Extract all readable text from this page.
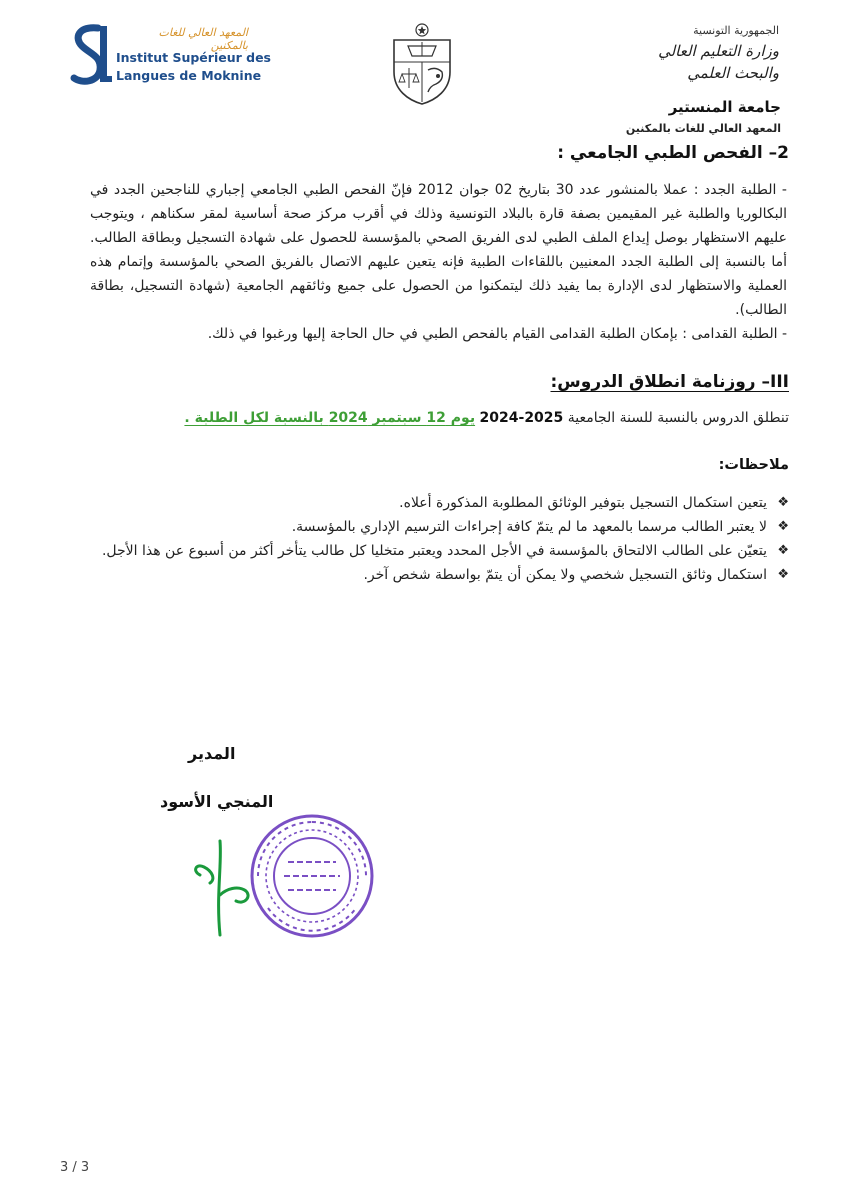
المعهد العالي للغات بالمكنين
Institut Supérieur des
Langues de Moknine
الجمهورية التونسية
وزارة التعليم العالي
والبحث العلمي
جامعة المنستير
المعهد العالي للغات بالمكنين
2– الفحص الطبي الجامعي :

- الطلبة الجدد : عملا بالمنشور عدد 30 بتاريخ 02 جوان 2012 فإنّ الفحص الطبي الجامعي إجباري للناجحين الجدد في البكالوريا والطلبة غير المقيمين بصفة قارة بالبلاد التونسية وذلك في أقرب مركز صحة أساسية لمقر سكناهم ، ويتوجب عليهم الاستظهار بوصل إيداع الملف الطبي لدى الفريق الصحي بالمؤسسة للحصول على شهادة التسجيل وبطاقة الطالب. أما بالنسبة إلى الطلبة الجدد المعنيين باللقاءات الطبية فإنه يتعين عليهم الاتصال بالفريق الصحي بالمؤسسة وإتمام هذه العملية والاستظهار لدى الإدارة بما يفيد ذلك ليتمكنوا من الحصول على جميع وثائقهم الجامعية (شهادة التسجيل، بطاقة الطالب).

- الطلبة القدامى : بإمكان الطلبة القدامى القيام بالفحص الطبي في حال الحاجة إليها ورغبوا في ذلك.

III– روزنامة انطلاق الدروس:
تنطلق الدروس بالنسبة للسنة الجامعية 2025-2024 يوم 12 سبتمبر 2024 بالنسبة لكل الطلبة .
ملاحظات:
❖
يتعين استكمال التسجيل بتوفير الوثائق المطلوبة المذكورة أعلاه.
❖
لا يعتبر الطالب مرسما بالمعهد ما لم يتمّ كافة إجراءات الترسيم الإداري بالمؤسسة.
❖
يتعيّن على الطالب الالتحاق بالمؤسسة في الأجل المحدد ويعتبر متخليا كل طالب يتأخر أكثر من أسبوع عن هذا الأجل.
❖
استكمال وثائق التسجيل شخصي ولا يمكن أن يتمّ بواسطة شخص آخر.
المدير
المنجي الأسود
3 / 3
